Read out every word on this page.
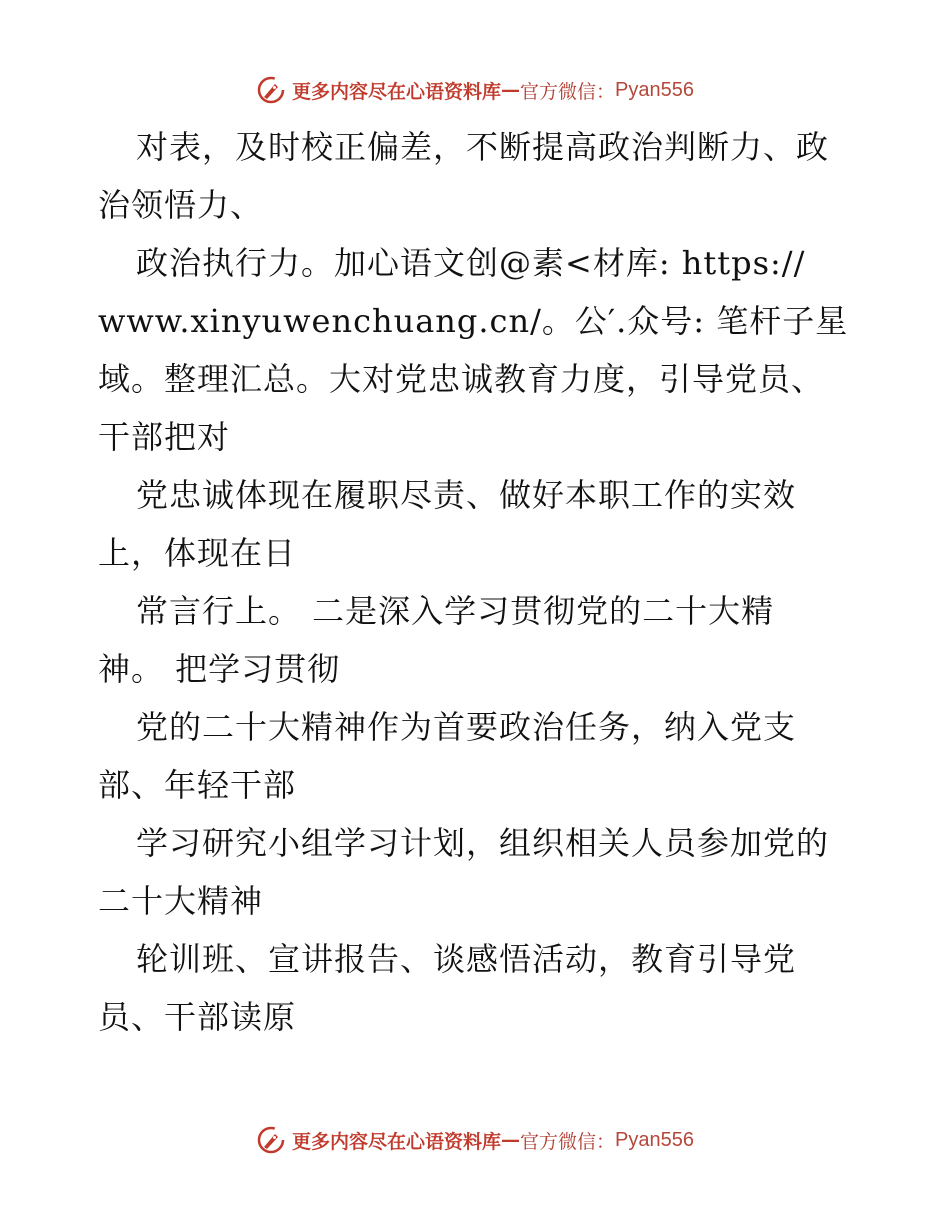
更多内容尽在心语资料库 — 官方微信： Pyan556
对表，及时校正偏差，不断提高政治判断力、政
治领悟力、
政治执行力。加心语文创@素<材库: https://
www.xinyuwenchuang.cn/。公′.众号: 笔杆子星
域。整理汇总。大对党忠诚教育力度，引导党员、
干部把对
党忠诚体现在履职尽责、做好本职工作的实效
上，体现在日
常言行上。 二是深入学习贯彻党的二十大精
神。 把学习贯彻
党的二十大精神作为首要政治任务，纳入党支
部、年轻干部
学习研究小组学习计划，组织相关人员参加党的
二十大精神
轮训班、宣讲报告、谈感悟活动，教育引导党
员、干部读原
更多内容尽在心语资料库 — 官方微信： Pyan556
